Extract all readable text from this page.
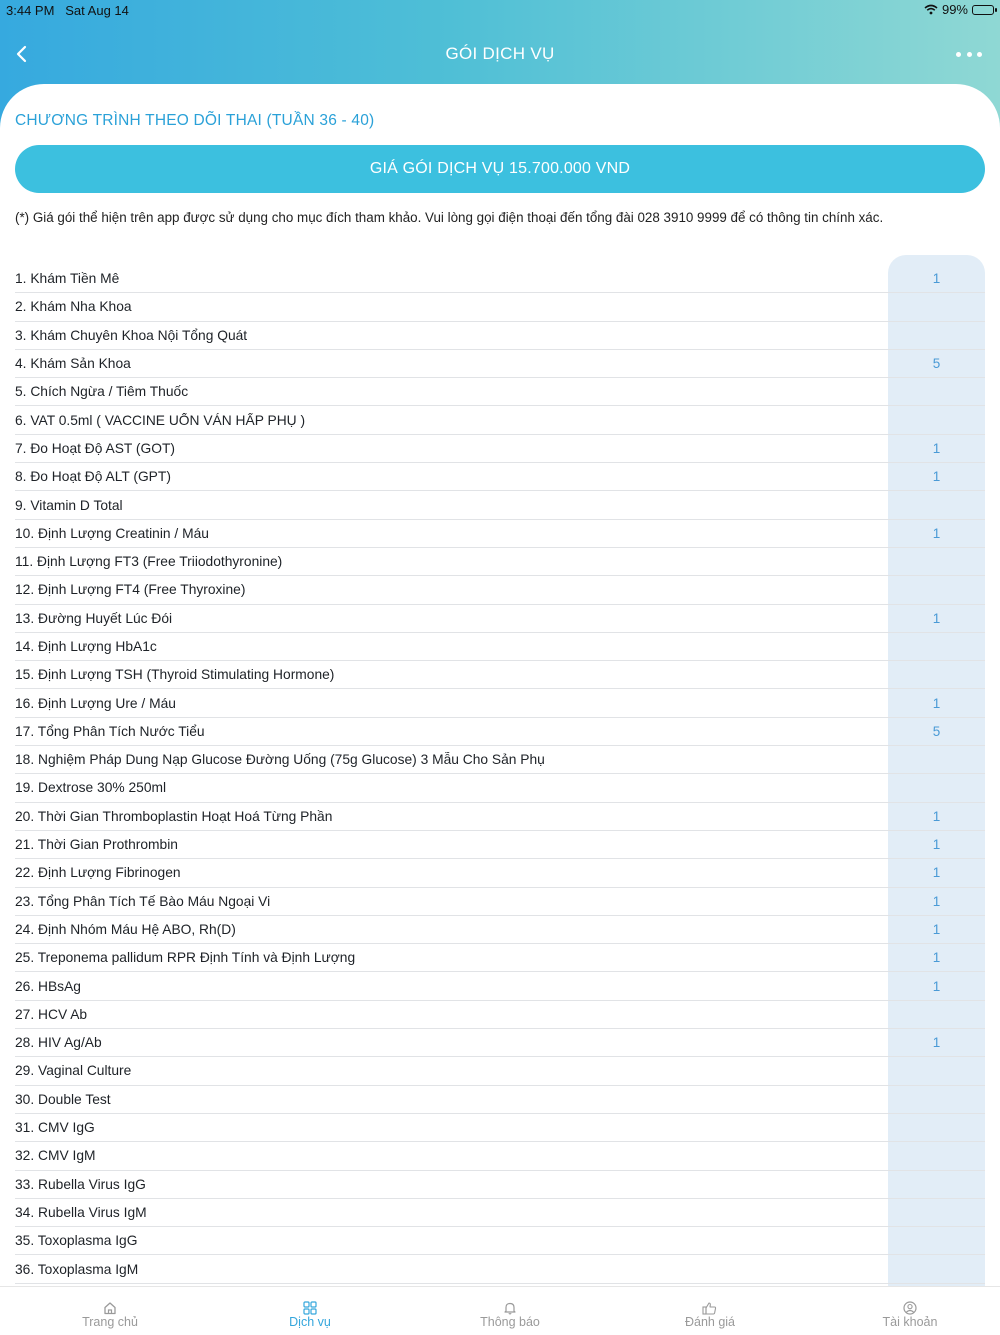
3:44 PM Sat Aug 14	99%
GÓI DỊCH VỤ
CHƯƠNG TRÌNH THEO DÕI THAI (TUẦN 36 - 40)
GIÁ GÓI DỊCH VỤ 15.700.000 VND
(*) Giá gói thể hiện trên app được sử dụng cho mục đích tham khảo. Vui lòng gọi điện thoại đến tổng đài 028 3910 9999 để có thông tin chính xác.
1. Khám Tiền Mê	1
2. Khám Nha Khoa
3. Khám Chuyên Khoa Nội Tổng Quát
4. Khám Sản Khoa	5
5. Chích Ngừa / Tiêm Thuốc
6. VAT 0.5ml ( VACCINE UỐN VÁN HẤP PHỤ )
7. Đo Hoạt Độ AST (GOT)	1
8. Đo Hoạt Độ ALT (GPT)	1
9. Vitamin D Total
10. Định Lượng Creatinin / Máu	1
11. Định Lượng FT3 (Free Triiodothyronine)
12. Định Lượng FT4 (Free Thyroxine)
13. Đường Huyết Lúc Đói	1
14. Định Lượng HbA1c
15. Định Lượng TSH (Thyroid Stimulating Hormone)
16. Định Lượng Ure / Máu	1
17. Tổng Phân Tích Nước Tiểu	5
18. Nghiệm Pháp Dung Nạp Glucose Đường Uống (75g Glucose) 3 Mẫu Cho Sản Phụ
19. Dextrose 30% 250ml
20. Thời Gian Thromboplastin Hoạt Hoá Từng Phần	1
21. Thời Gian Prothrombin	1
22. Định Lượng Fibrinogen	1
23. Tổng Phân Tích Tế Bào Máu Ngoại Vi	1
24. Định Nhóm Máu Hệ ABO, Rh(D)	1
25. Treponema pallidum RPR Định Tính và Định Lượng	1
26. HBsAg	1
27. HCV Ab
28. HIV Ag/Ab	1
29. Vaginal Culture
30. Double Test
31. CMV IgG
32. CMV IgM
33. Rubella Virus IgG
34. Rubella Virus IgM
35. Toxoplasma IgG
36. Toxoplasma IgM
Trang chủ	Dịch vụ	Thông báo	Đánh giá	Tài khoản
